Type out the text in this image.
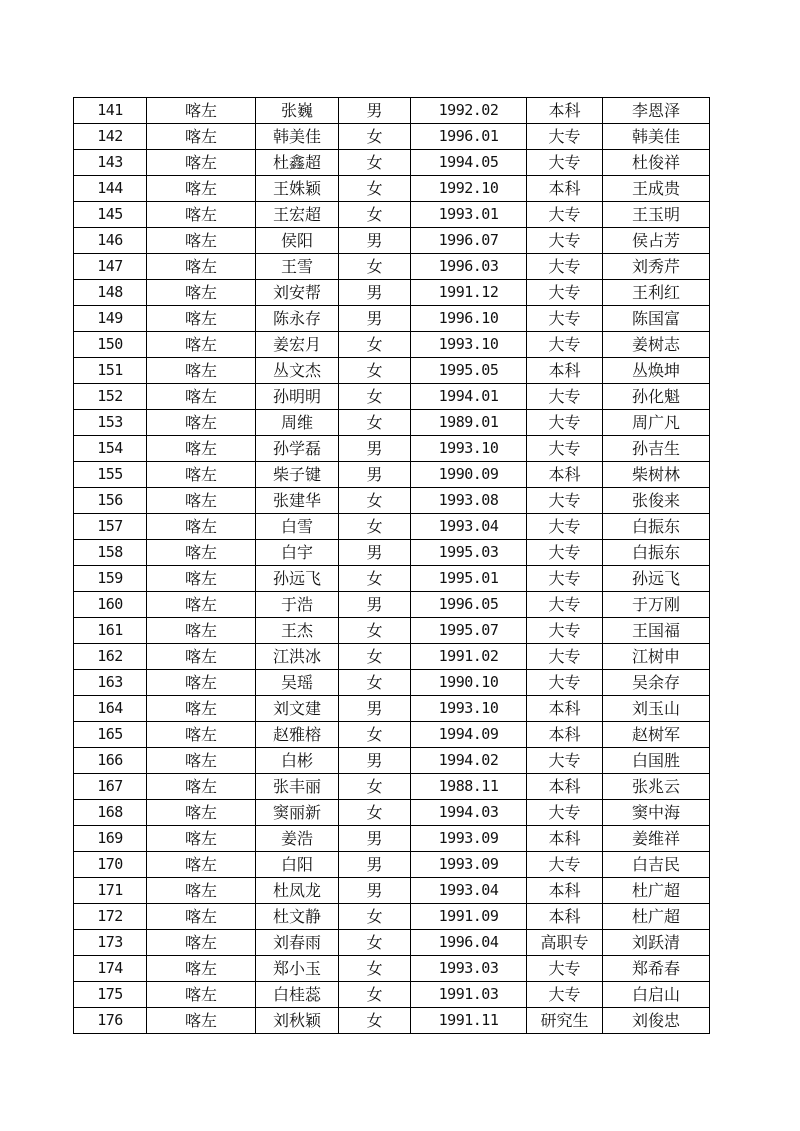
141	喀左	张巍	男	1992.02	本科	李恩泽
142	喀左	韩美佳	女	1996.01	大专	韩美佳
143	喀左	杜鑫超	女	1994.05	大专	杜俊祥
144	喀左	王姝颖	女	1992.10	本科	王成贵
145	喀左	王宏超	女	1993.01	大专	王玉明
146	喀左	侯阳	男	1996.07	大专	侯占芳
147	喀左	王雪	女	1996.03	大专	刘秀芹
148	喀左	刘安帮	男	1991.12	大专	王利红
149	喀左	陈永存	男	1996.10	大专	陈国富
150	喀左	姜宏月	女	1993.10	大专	姜树志
151	喀左	丛文杰	女	1995.05	本科	丛焕坤
152	喀左	孙明明	女	1994.01	大专	孙化魁
153	喀左	周维	女	1989.01	大专	周广凡
154	喀左	孙学磊	男	1993.10	大专	孙吉生
155	喀左	柴子键	男	1990.09	本科	柴树林
156	喀左	张建华	女	1993.08	大专	张俊来
157	喀左	白雪	女	1993.04	大专	白振东
158	喀左	白宇	男	1995.03	大专	白振东
159	喀左	孙远飞	女	1995.01	大专	孙远飞
160	喀左	于浩	男	1996.05	大专	于万刚
161	喀左	王杰	女	1995.07	大专	王国福
162	喀左	江洪冰	女	1991.02	大专	江树申
163	喀左	吴瑶	女	1990.10	大专	吴余存
164	喀左	刘文建	男	1993.10	本科	刘玉山
165	喀左	赵雅榕	女	1994.09	本科	赵树军
166	喀左	白彬	男	1994.02	大专	白国胜
167	喀左	张丰丽	女	1988.11	本科	张兆云
168	喀左	窦丽新	女	1994.03	大专	窦中海
169	喀左	姜浩	男	1993.09	本科	姜维祥
170	喀左	白阳	男	1993.09	大专	白吉民
171	喀左	杜凤龙	男	1993.04	本科	杜广超
172	喀左	杜文静	女	1991.09	本科	杜广超
173	喀左	刘春雨	女	1996.04	高职专	刘跃清
174	喀左	郑小玉	女	1993.03	大专	郑希春
175	喀左	白桂蕊	女	1991.03	大专	白启山
176	喀左	刘秋颖	女	1991.11	研究生	刘俊忠
